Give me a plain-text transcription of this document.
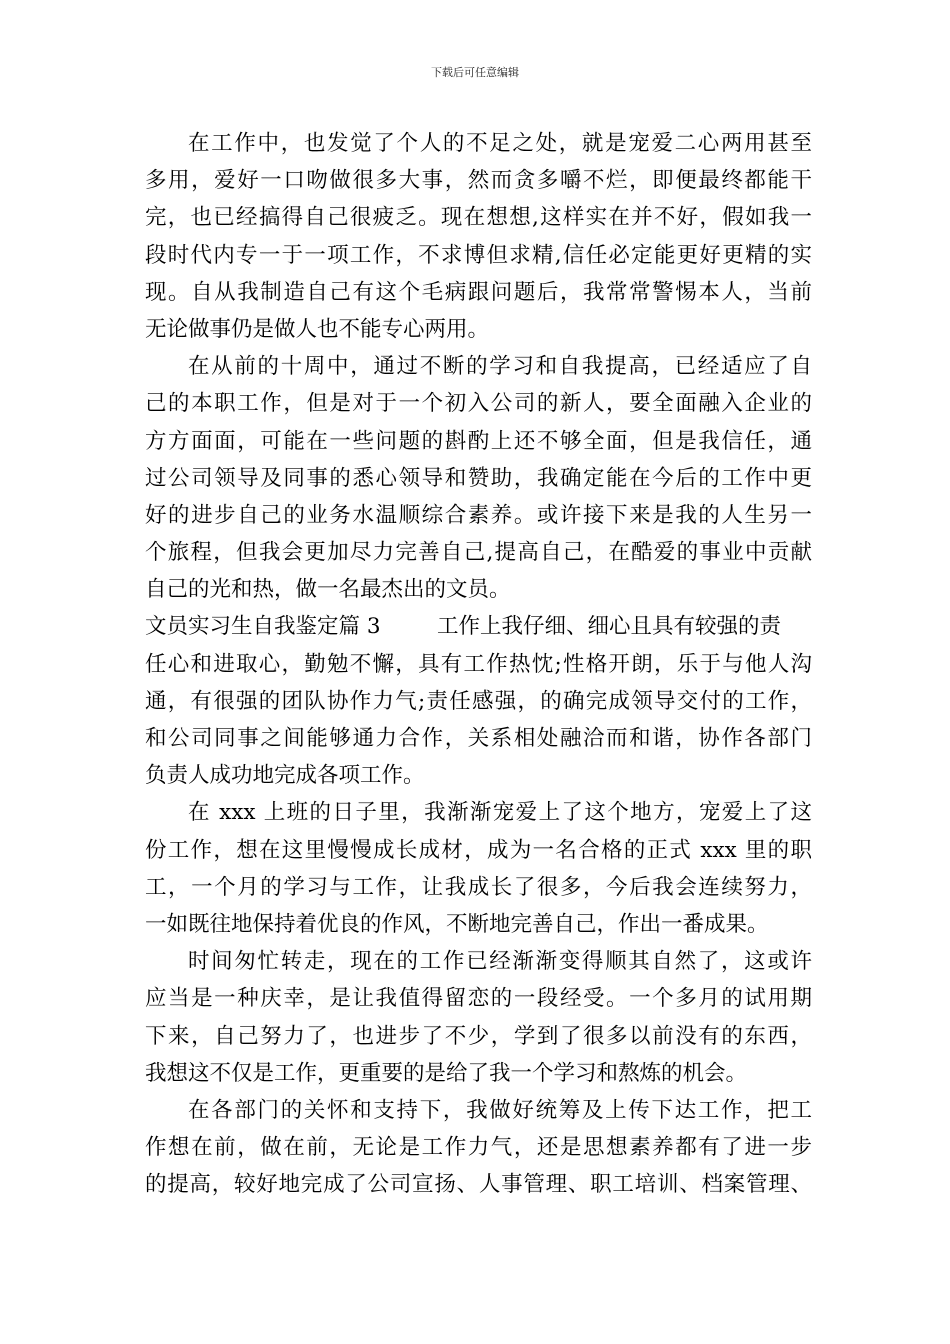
下载后可任意编辑
在工作中，也发觉了个人的不足之处，就是宠爱二心两用甚至
多用，爱好一口吻做很多大事，然而贪多嚼不烂，即便最终都能干
完，也已经搞得自己很疲乏。现在想想,这样实在并不好，假如我一
段时代内专一于一项工作，不求博但求精,信任必定能更好更精的实
现。自从我制造自己有这个毛病跟问题后，我常常警惕本人，当前
无论做事仍是做人也不能专心两用。
在从前的十周中，通过不断的学习和自我提高，已经适应了自
己的本职工作，但是对于一个初入公司的新人，要全面融入企业的
方方面面，可能在一些问题的斟酌上还不够全面，但是我信任，通
过公司领导及同事的悉心领导和赞助，我确定能在今后的工作中更
好的进步自己的业务水温顺综合素养。或许接下来是我的人生另一
个旅程，但我会更加尽力完善自己,提高自己，在酷爱的事业中贡献
自己的光和热，做一名最杰出的文员。
文员实习生自我鉴定篇 3	工作上我仔细、细心且具有较强的责
任心和进取心，勤勉不懈，具有工作热忱;性格开朗，乐于与他人沟
通，有很强的团队协作力气;责任感强，的确完成领导交付的工作，
和公司同事之间能够通力合作，关系相处融洽而和谐，协作各部门
负责人成功地完成各项工作。
在 xxx 上班的日子里，我渐渐宠爱上了这个地方，宠爱上了这
份工作，想在这里慢慢成长成材，成为一名合格的正式 xxx 里的职
工，一个月的学习与工作，让我成长了很多，今后我会连续努力，
一如既往地保持着优良的作风，不断地完善自己，作出一番成果。
时间匆忙转走，现在的工作已经渐渐变得顺其自然了，这或许
应当是一种庆幸，是让我值得留恋的一段经受。一个多月的试用期
下来，自己努力了，也进步了不少，学到了很多以前没有的东西，
我想这不仅是工作，更重要的是给了我一个学习和熬炼的机会。
在各部门的关怀和支持下，我做好统筹及上传下达工作，把工
作想在前，做在前，无论是工作力气，还是思想素养都有了进一步
的提高，较好地完成了公司宣扬、人事管理、职工培训、档案管理、
